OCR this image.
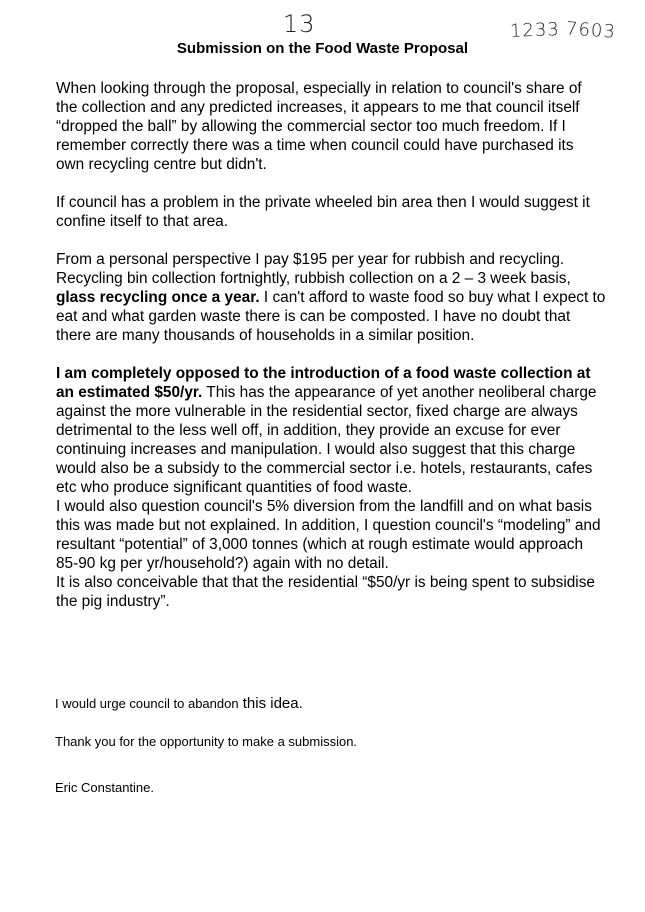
13	1233 7603
Submission on the Food Waste Proposal

When looking through the proposal, especially in relation to council's share of the collection and any predicted increases, it appears to me that council itself “dropped the ball” by allowing the commercial sector too much freedom. If I remember correctly there was a time when council could have purchased its own recycling centre but didn't.

If council has a problem in the private wheeled bin area then I would suggest it confine itself to that area.

From a personal perspective I pay $195 per year for rubbish and recycling. Recycling bin collection fortnightly, rubbish collection on a 2 – 3 week basis, glass recycling once a year. I can't afford to waste food so buy what I expect to eat and what garden waste there is can be composted. I have no doubt that there are many thousands of households in a similar position.

I am completely opposed to the introduction of a food waste collection at an estimated $50/yr. This has the appearance of yet another neoliberal charge against the more vulnerable in the residential sector, fixed charge are always detrimental to the less well off, in addition, they provide an excuse for ever continuing increases and manipulation. I would also suggest that this charge would also be a subsidy to the commercial sector i.e. hotels, restaurants, cafes etc who produce significant quantities of food waste.

I would also question council's 5% diversion from the landfill and on what basis this was made but not explained. In addition, I question council's “modeling” and resultant “potential” of 3,000 tonnes (which at rough estimate would approach 85-90 kg per yr/household?) again with no detail.

It is also conceivable that that the residential “$50/yr is being spent to subsidise the pig industry”.

I would urge council to abandon this idea.
Thank you for the opportunity to make a submission.
Eric Constantine.
